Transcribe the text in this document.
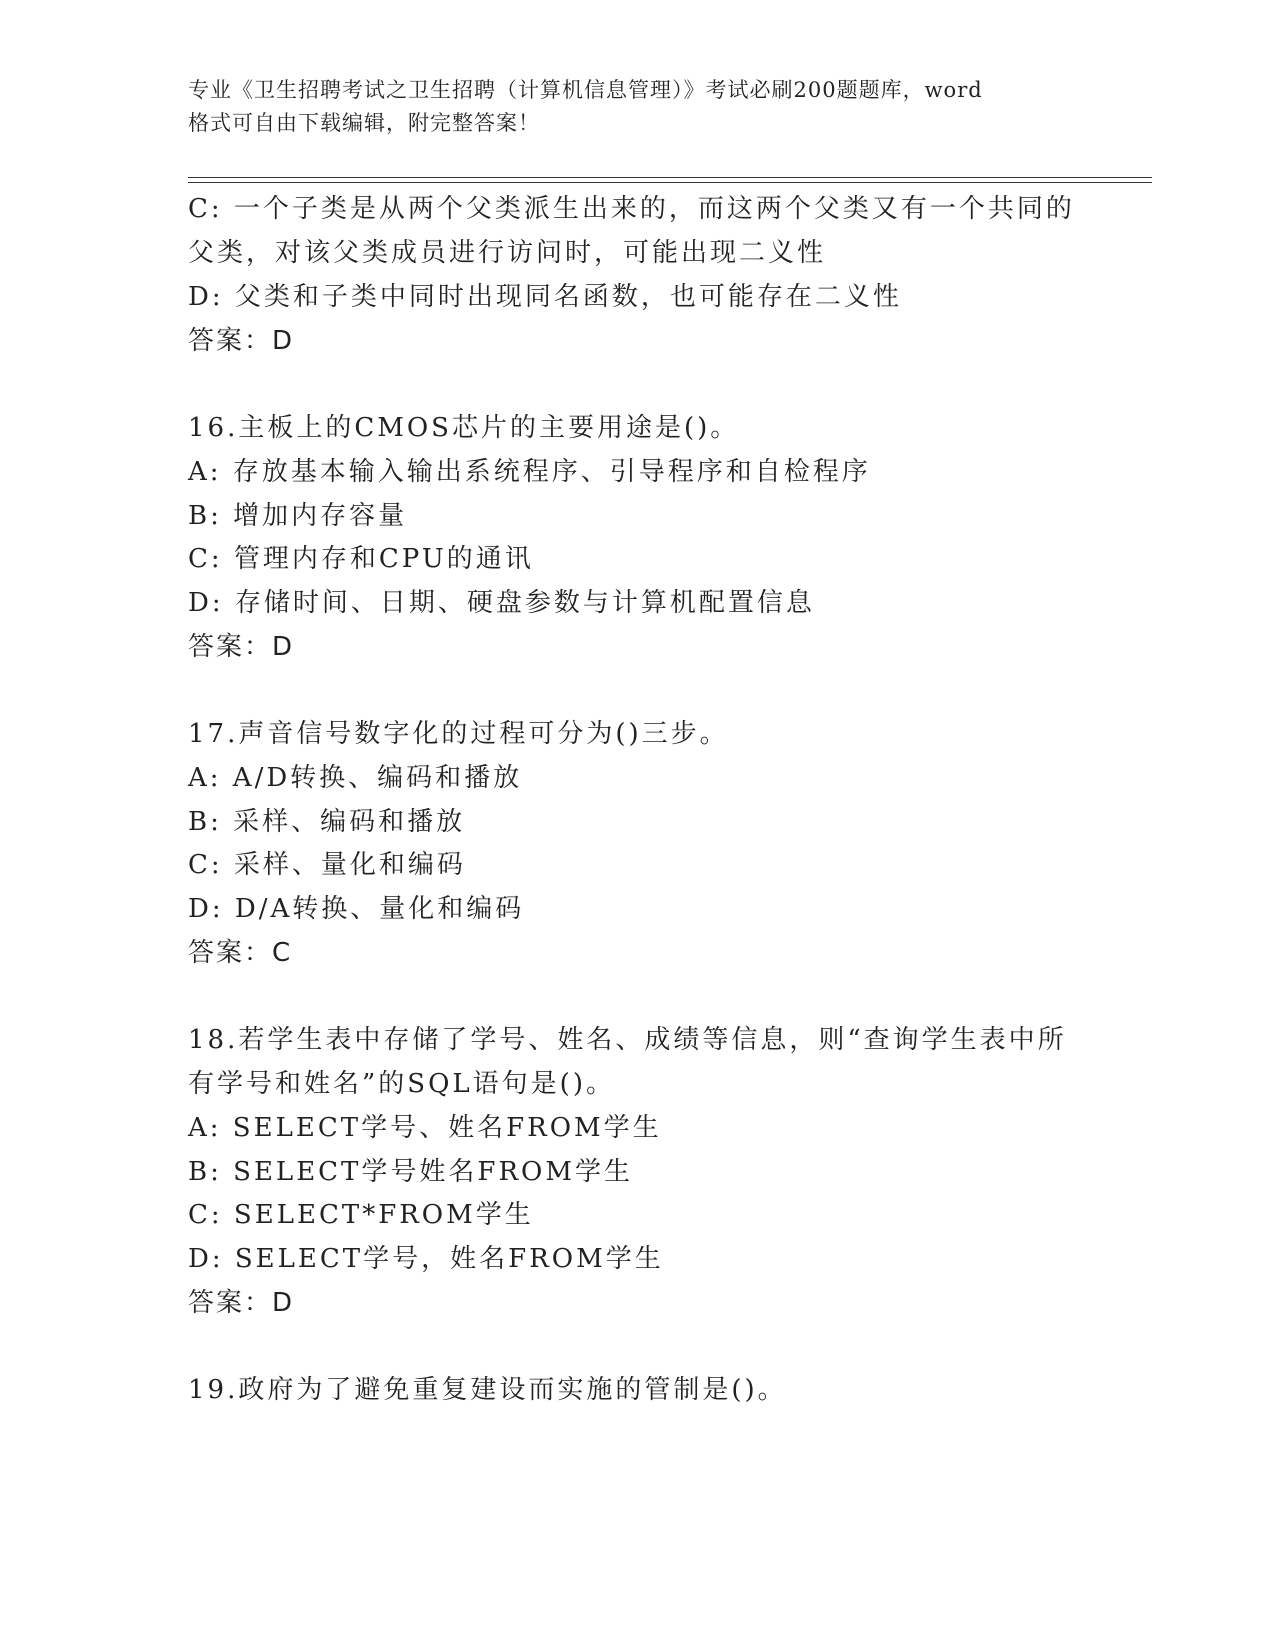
专业《卫生招聘考试之卫生招聘（计算机信息管理）》考试必刷200题题库，word
格式可自由下载编辑，附完整答案！
C: 一个子类是从两个父类派生出来的，而这两个父类又有一个共同的
父类，对该父类成员进行访问时，可能出现二义性
D: 父类和子类中同时出现同名函数，也可能存在二义性
答案：D
16.主板上的CMOS芯片的主要用途是()。
A: 存放基本输入输出系统程序、引导程序和自检程序
B: 增加内存容量
C: 管理内存和CPU的通讯
D: 存储时间、日期、硬盘参数与计算机配置信息
答案：D
17.声音信号数字化的过程可分为()三步。
A: A/D转换、编码和播放
B: 采样、编码和播放
C: 采样、量化和编码
D: D/A转换、量化和编码
答案：C
18.若学生表中存储了学号、姓名、成绩等信息，则“查询学生表中所
有学号和姓名”的SQL语句是()。
A: SELECT学号、姓名FROM学生
B: SELECT学号姓名FROM学生
C: SELECT*FROM学生
D: SELECT学号，姓名FROM学生
答案：D
19.政府为了避免重复建设而实施的管制是()。
